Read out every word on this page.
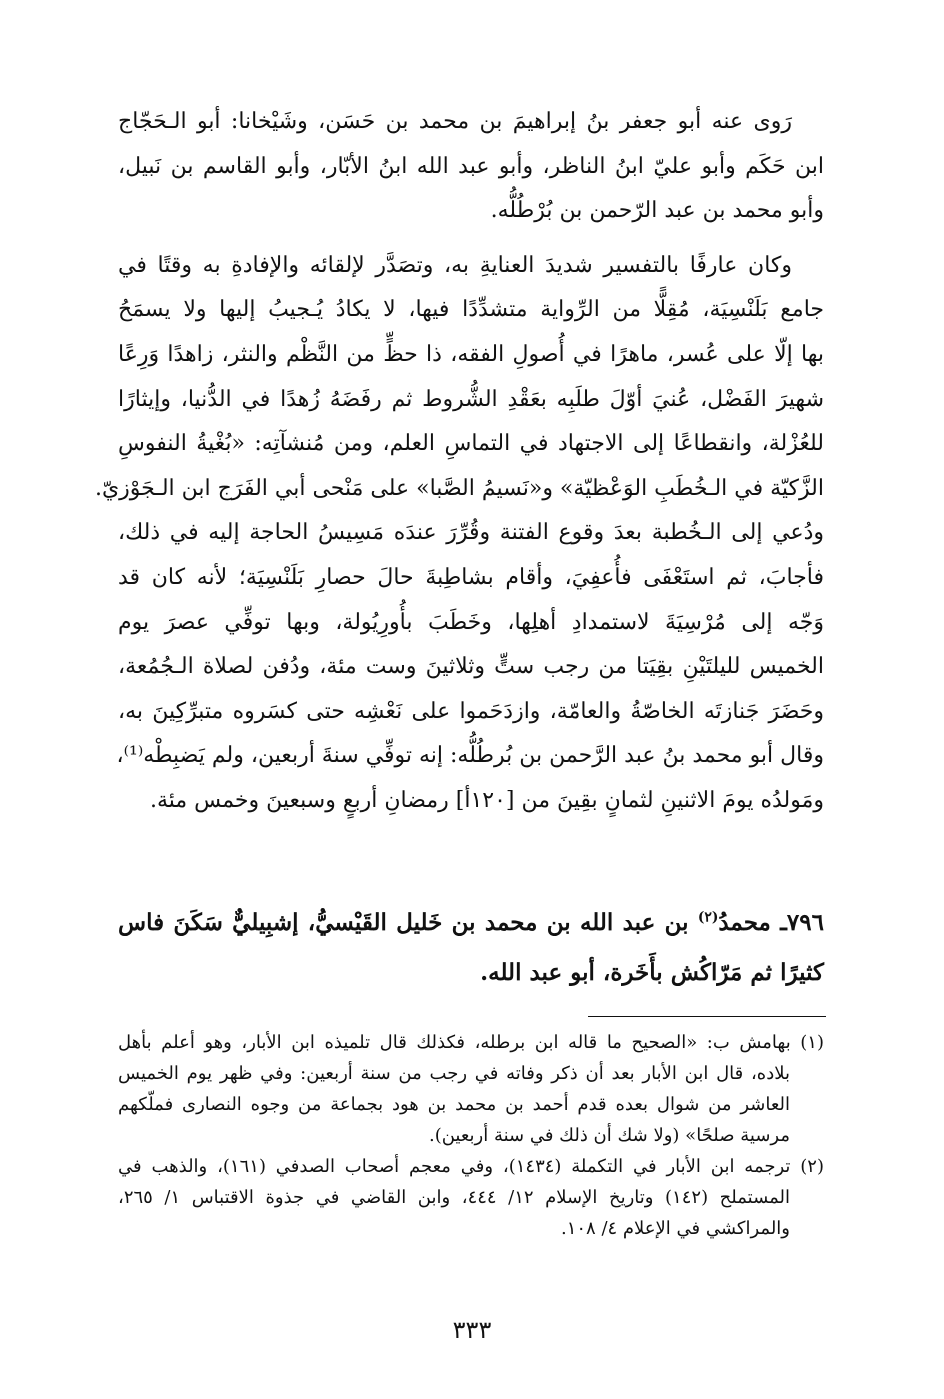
رَوى عنه أبو جعفر بنُ إبراهيمَ بن محمد بن حَسَن، وشَيْخانا: أبو الـحَجّاج
ابن حَكَم وأبو عليّ ابنُ الناظر، وأبو عبد الله ابنُ الأبّار، وأبو القاسم بن نَبيل،
وأبو محمد بن عبد الرّحمن بن بُرْطُلُّه.
وكان عارفًا بالتفسير شديدَ العنايةِ به، وتصَدَّر لإلقائه والإفادةِ به وقتًا في
جامع بَلَنْسِيَة، مُقِلًّا من الرِّواية متشدِّدًا فيها، لا يكادُ يُـجيبُ إليها ولا يسمَحُ
بها إلّا على عُسر، ماهرًا في أُصولِ الفقه، ذا حظٍّ من النَّظْم والنثر، زاهدًا وَرِعًا
شهيرَ الفَضْل، عُنيَ أوّلَ طلَبِه بعَقْدِ الشُّروط ثم رفَضَهُ زُهدًا في الدُّنيا، وإيثارًا
للعُزْلة، وانقطاعًا إلى الاجتهاد في التماسِ العلم، ومن مُنشآتِه: «بُغْيةُ النفوسِ
الزَّكيّة في الـخُطَبِ الوَعْظيّة» و«نَسيمُ الصَّبا» على مَنْحى أبي الفَرَج ابن الـجَوْزيّ.
ودُعي إلى الـخُطبة بعدَ وقوع الفتنة وقُرِّرَ عندَه مَسِيسُ الحاجة إليه في ذلك،
فأجابَ، ثم استَعْفَى فأُعفِيَ، وأقام بشاطِبةَ حالَ حصارِ بَلَنْسِيَة؛ لأنه كان قد
وَجّه إلى مُرْسِيَةَ لاستمدادِ أهلِها، وخَطَبَ بأُورِيُولة، وبها توفِّي عصرَ يوم
الخميس لليلتَيْنِ بقِيَتا من رجب ستٍّ وثلاثينَ وست مئة، ودُفن لصلاة الـجُمُعة،
وحَضَرَ جَنازتَه الخاصّةُ والعامّة، وازدَحَموا على نَعْشِه حتى كسَروه متبرِّكِينَ به،
وقال أبو محمد بنُ عبد الرَّحمن بن بُرطُلُّه: إنه توفِّي سنةَ أربعين، ولم يَضبِطْه⁽¹⁾،
ومَولدُه يومَ الاثنينِ لثمانٍ بقِينَ من [١٢٠أ] رمضانِ أربعٍ وسبعينَ وخمس مئة.
٧٩٦ـ محمدُ$^{(٢)}$ بن عبد الله بن محمد بن خَليل القَيْسيُّ، إشبِيليٌّ سَكَنَ فاس
كثيرًا ثم مَرّاكُش بأَخَرة، أبو عبد الله.
(١) بهامش ب: «الصحيح ما قاله ابن برطله، فكذلك قال تلميذه ابن الأبار، وهو أعلم بأهل
بلاده، قال ابن الأبار بعد أن ذكر وفاته في رجب من سنة أربعين: وفي ظهر يوم الخميس
العاشر من شوال بعده قدم أحمد بن محمد بن هود بجماعة من وجوه النصارى فملّكهم
مرسية صلحًا» (ولا شك أن ذلك في سنة أربعين).
(٢) ترجمه ابن الأبار في التكملة (١٤٣٤)، وفي معجم أصحاب الصدفي (١٦١)، والذهب في
المستملح (١٤٢) وتاريخ الإسلام ١٢/ ٤٤٤، وابن القاضي في جذوة الاقتباس ١/ ٢٦٥،
والمراكشي في الإعلام ٤/ ١٠٨.
٣٣٣
